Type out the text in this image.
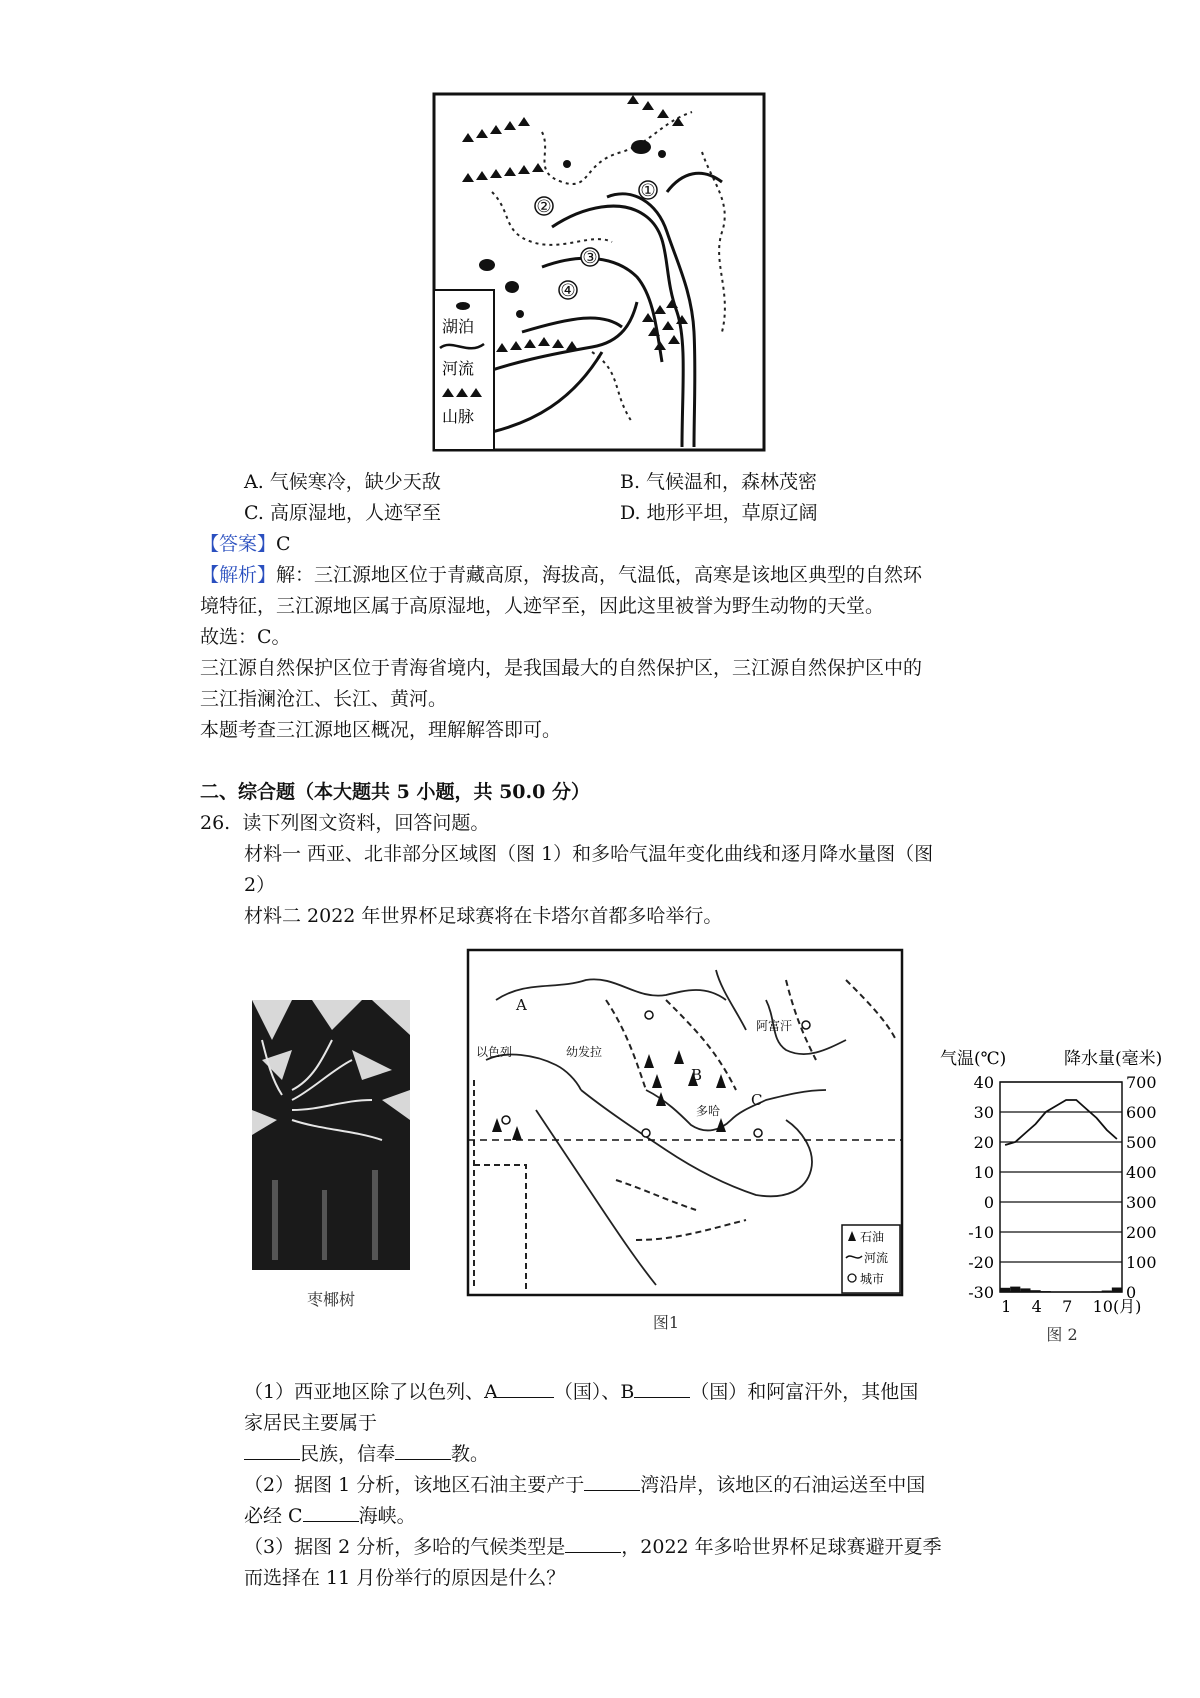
①
②
③
④
湖泊
河流
山脉
A. 气候寒冷，缺少天敌	B. 气候温和，森林茂密
C. 高原湿地，人迹罕至	D. 地形平坦，草原辽阔
【答案】C
【解析】解：三江源地区位于青藏高原，海拔高，气温低，高寒是该地区典型的自然环
境特征，三江源地区属于高原湿地，人迹罕至，因此这里被誉为野生动物的天堂。
故选：C。
三江源自然保护区位于青海省境内，是我国最大的自然保护区，三江源自然保护区中的
三江指澜沧江、长江、黄河。
本题考查三江源地区概况，理解解答即可。
二、综合题（本大题共 5 小题，共 50.0 分）
26. 读下列图文资料，回答问题。
材料一 西亚、北非部分区域图（图 1）和多哈气温年变化曲线和逐月降水量图（图
2）
材料二 2022 年世界杯足球赛将在卡塔尔首都多哈举行。
枣椰树
A
B
C
以色列
阿富汗
多哈
幼发拉
石油
河流
城市
图1
气温(℃)	降水量(毫米)
40
30
20
10
0
-10
-20
-30
700
600
500
400
300
200
100
0
1 4 7 10(月)
图 2
（1）西亚地区除了以色列、A	（国）、B	（国）和阿富汗外，其他国
家居民主要属于
民族，信奉	教。
（2）据图 1 分析，该地区石油主要产于	湾沿岸，该地区的石油运送至中国
必经 C	海峡。
（3）据图 2 分析，多哈的气候类型是	，2022 年多哈世界杯足球赛避开夏季
而选择在 11 月份举行的原因是什么？
